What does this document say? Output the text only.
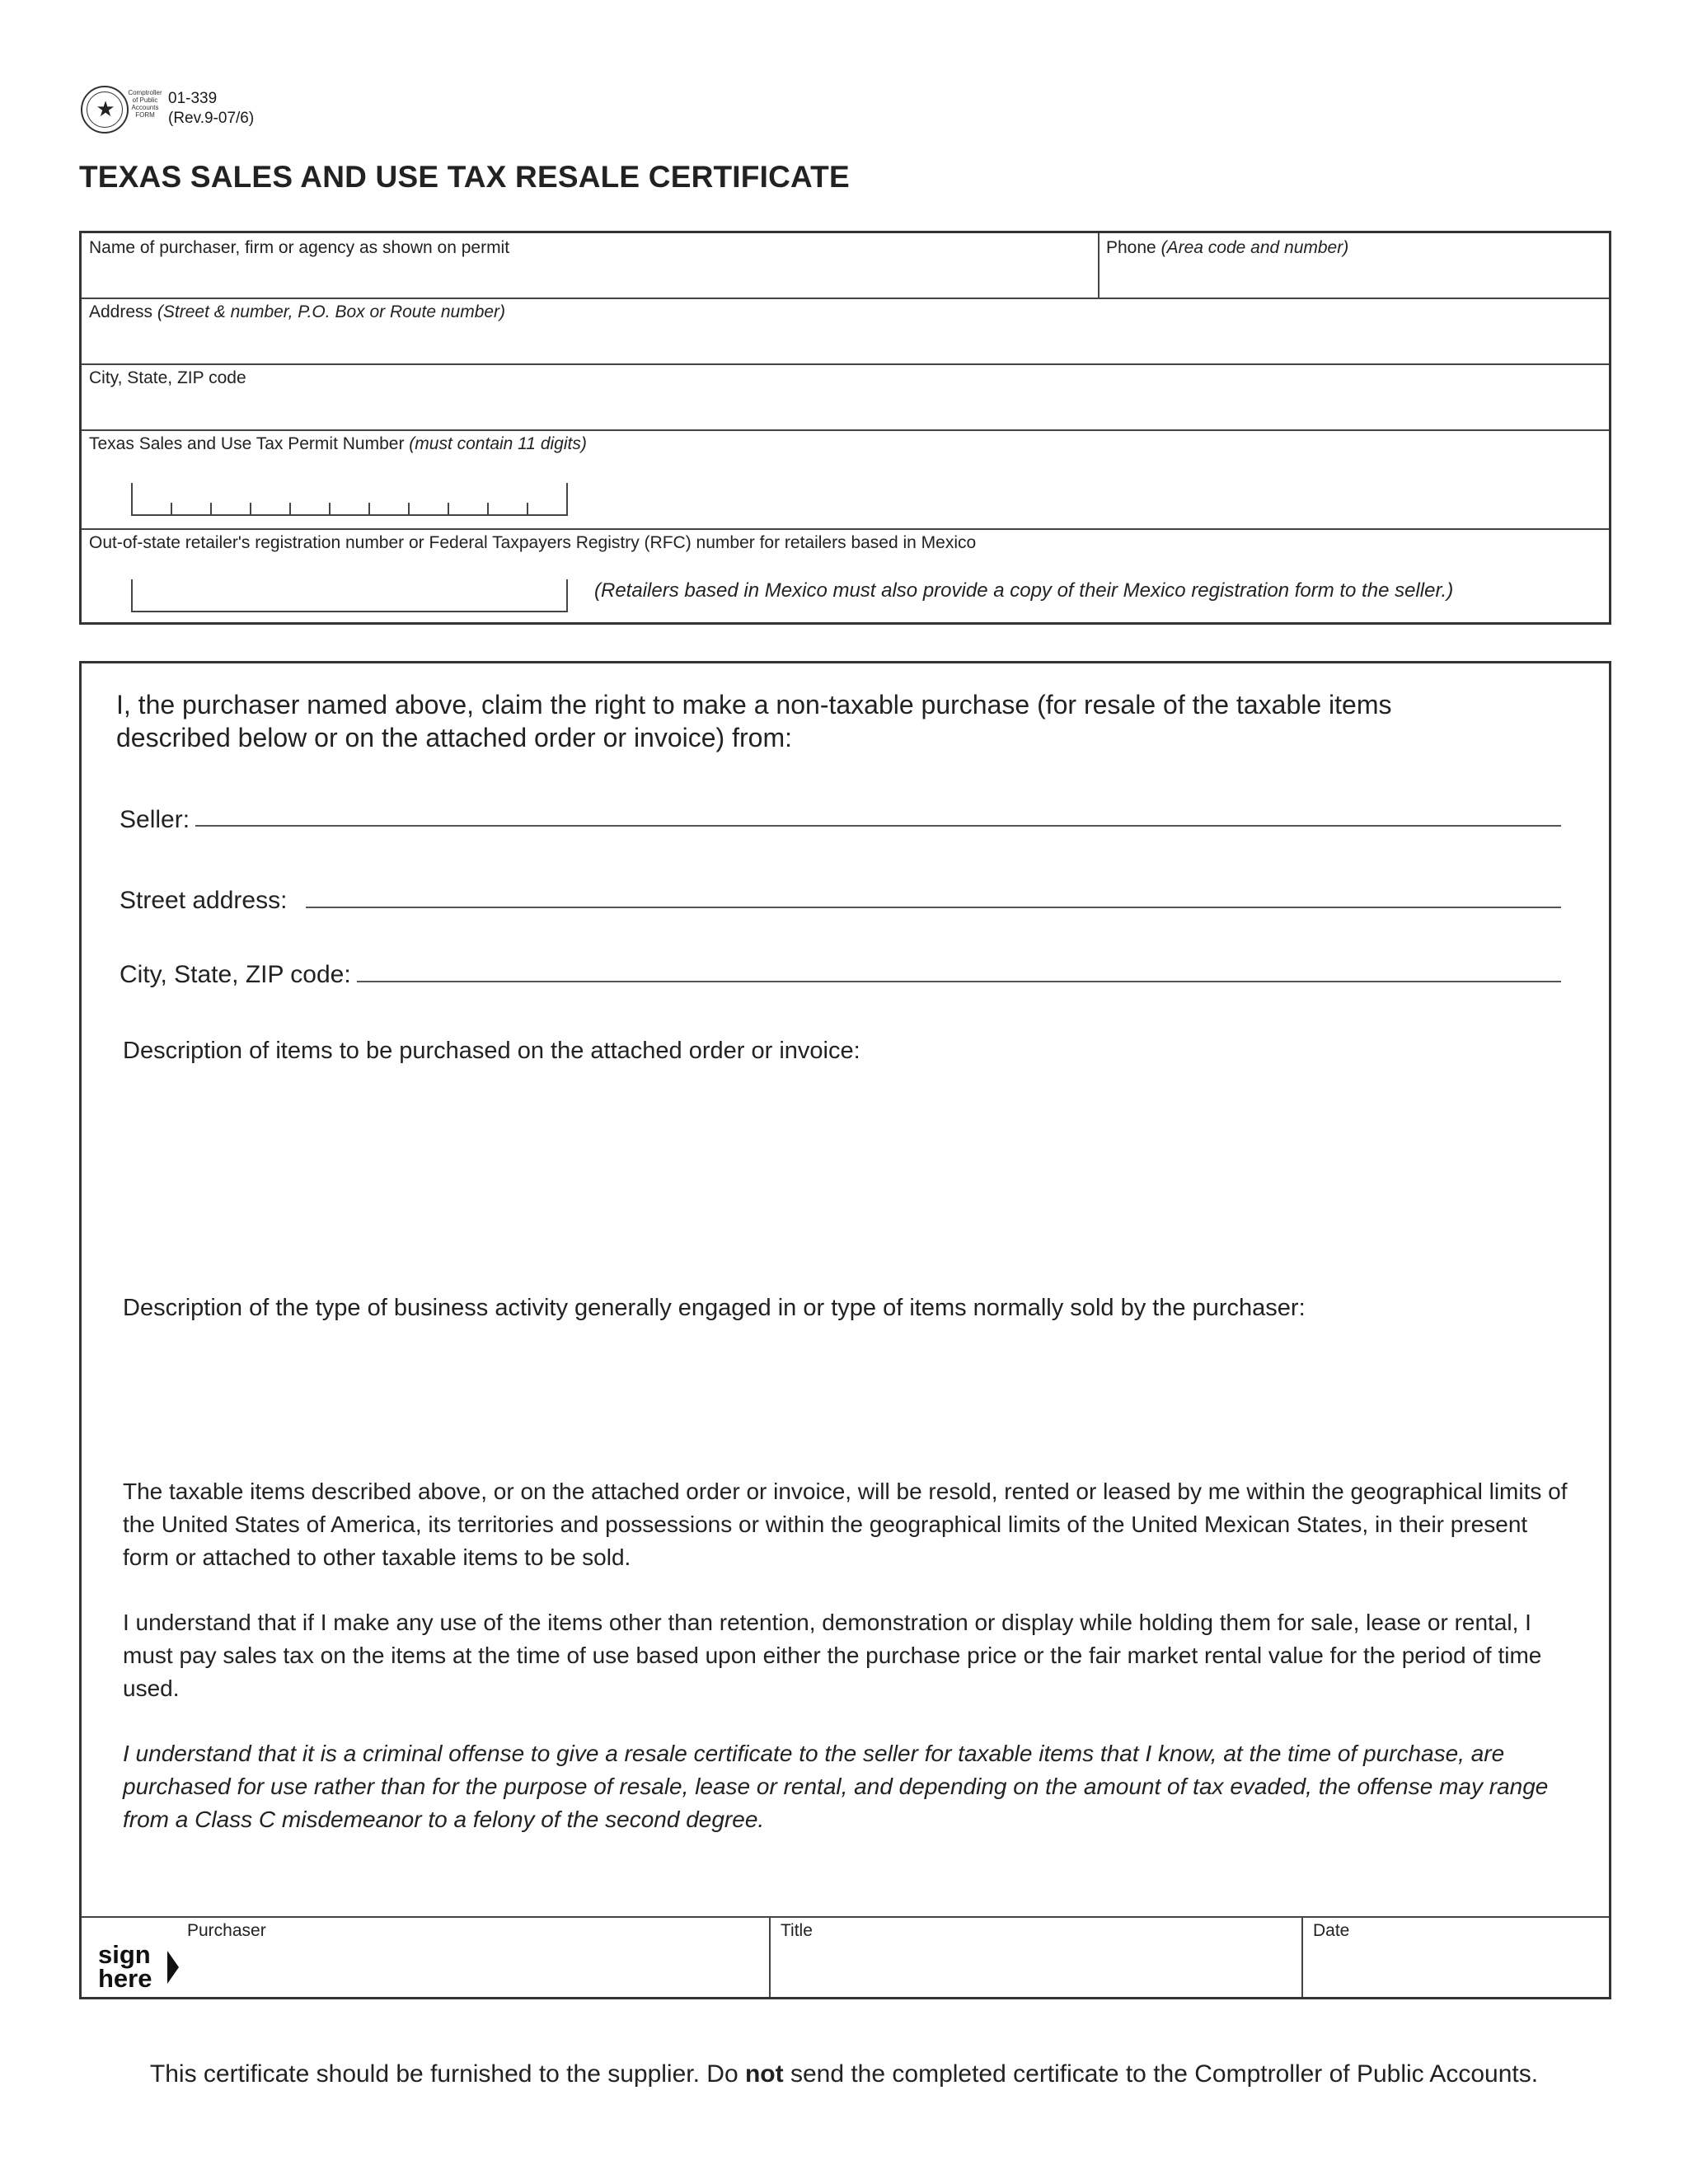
★
Comptroller
of Public
Accounts
FORM
01-339
(Rev.9-07/6)
TEXAS SALES AND USE TAX RESALE CERTIFICATE
Name of purchaser, firm or agency as shown on permit	Phone (Area code and number)
Address (Street & number, P.O. Box or Route number)
City, State, ZIP code
Texas Sales and Use Tax Permit Number (must contain 11 digits)
Out-of-state retailer's registration number or Federal Taxpayers Registry (RFC) number for retailers based in Mexico
(Retailers based in Mexico must also provide a copy of their Mexico registration form to the seller.)
I, the purchaser named above, claim the right to make a non-taxable purchase (for resale of the taxable items
described below or on the attached order or invoice) from:
Seller:
Street address:
City, State, ZIP code:
Description of items to be purchased on the attached order or invoice:
Description of the type of business activity generally engaged in or type of items normally sold by the purchaser:
The taxable items described above, or on the attached order or invoice, will be resold, rented or leased by me within the geographical limits of the United States of America, its territories and possessions or within the geographical limits of the United Mexican States, in their present form or attached to other taxable items to be sold.
I understand that if I make any use of the items other than retention, demonstration or display while holding them for sale, lease or rental, I must pay sales tax on the items at the time of use based upon either the purchase price or the fair market rental value for the period of time used.
I understand that it is a criminal offense to give a resale certificate to the seller for taxable items that I know, at the time of purchase, are purchased for use rather than for the purpose of resale, lease or rental, and depending on the amount of tax evaded, the offense may range from a Class C misdemeanor to a felony of the second degree.
sign
here
Purchaser	Title	Date
This certificate should be furnished to the supplier. Do not send the completed certificate to the Comptroller of Public Accounts.
